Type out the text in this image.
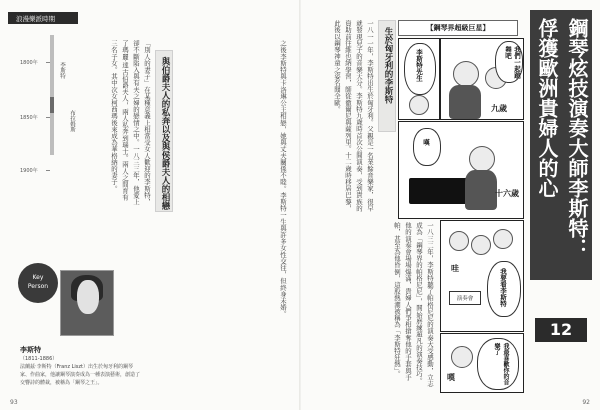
浪漫樂派時期
1800年
1850年
1900年
李斯特
布拉姆斯	「別人的妻子」在某種意義上相當受女人歡迎的李斯特，卻不斷陷入與有夫之婦的戀情之中。一八三三年，他愛上了瑪麗‧達古伯爵夫人，兩人私奔到瑞士。兩人之間育有三名子女。其中次女柯西瑪後來成為華格納的妻子。	與伯爵夫人的私奔以及與侯爵夫人的相戀	之後李斯特與卡洛琳公主相戀，她與丈夫關係不睦。李斯特一生與許多女性交往，但終身未婚。
Key
Person
李斯特
（1811-1886）
法蘭茲‧李斯特（Franz Liszt）出生於匈牙利的鋼琴家、作曲家，他讓鋼琴演奏成為一種表演藝術，創造了交響詩的體裁，被稱為「鋼琴之王」。
93
鋼琴炫技演奏大師李斯特：
俘獲歐洲貴婦人的心
12
【鋼琴界超級巨星】
我們一起跳舞吧
九歲
李斯特先生
十六歲
嘆
我要看李斯特
哇
演奏會
我最喜歡你的音樂了
嘆
生於匈牙利的李斯特
一八一一年，李斯特出生於匈牙利。父親是一名業餘音樂家，很早就發現兒子的音樂天分。李斯特九歲時首次公開演奏，受到貴族的資助前往維也納學習，師從徹爾尼與薩列里。十二歲時移居巴黎，此後以鋼琴神童之姿名聞全歐。
一八三二年，李斯特聽了帕格尼尼的演奏大受感動，立志成為「鋼琴界的帕格尼尼」，開始磨練超凡的演奏技巧。他的演奏會場場爆滿，貴婦人們爭相搶奪他的手套與手帕，甚至為他昏倒，這股熱潮被稱為「李斯特狂熱」。
92
